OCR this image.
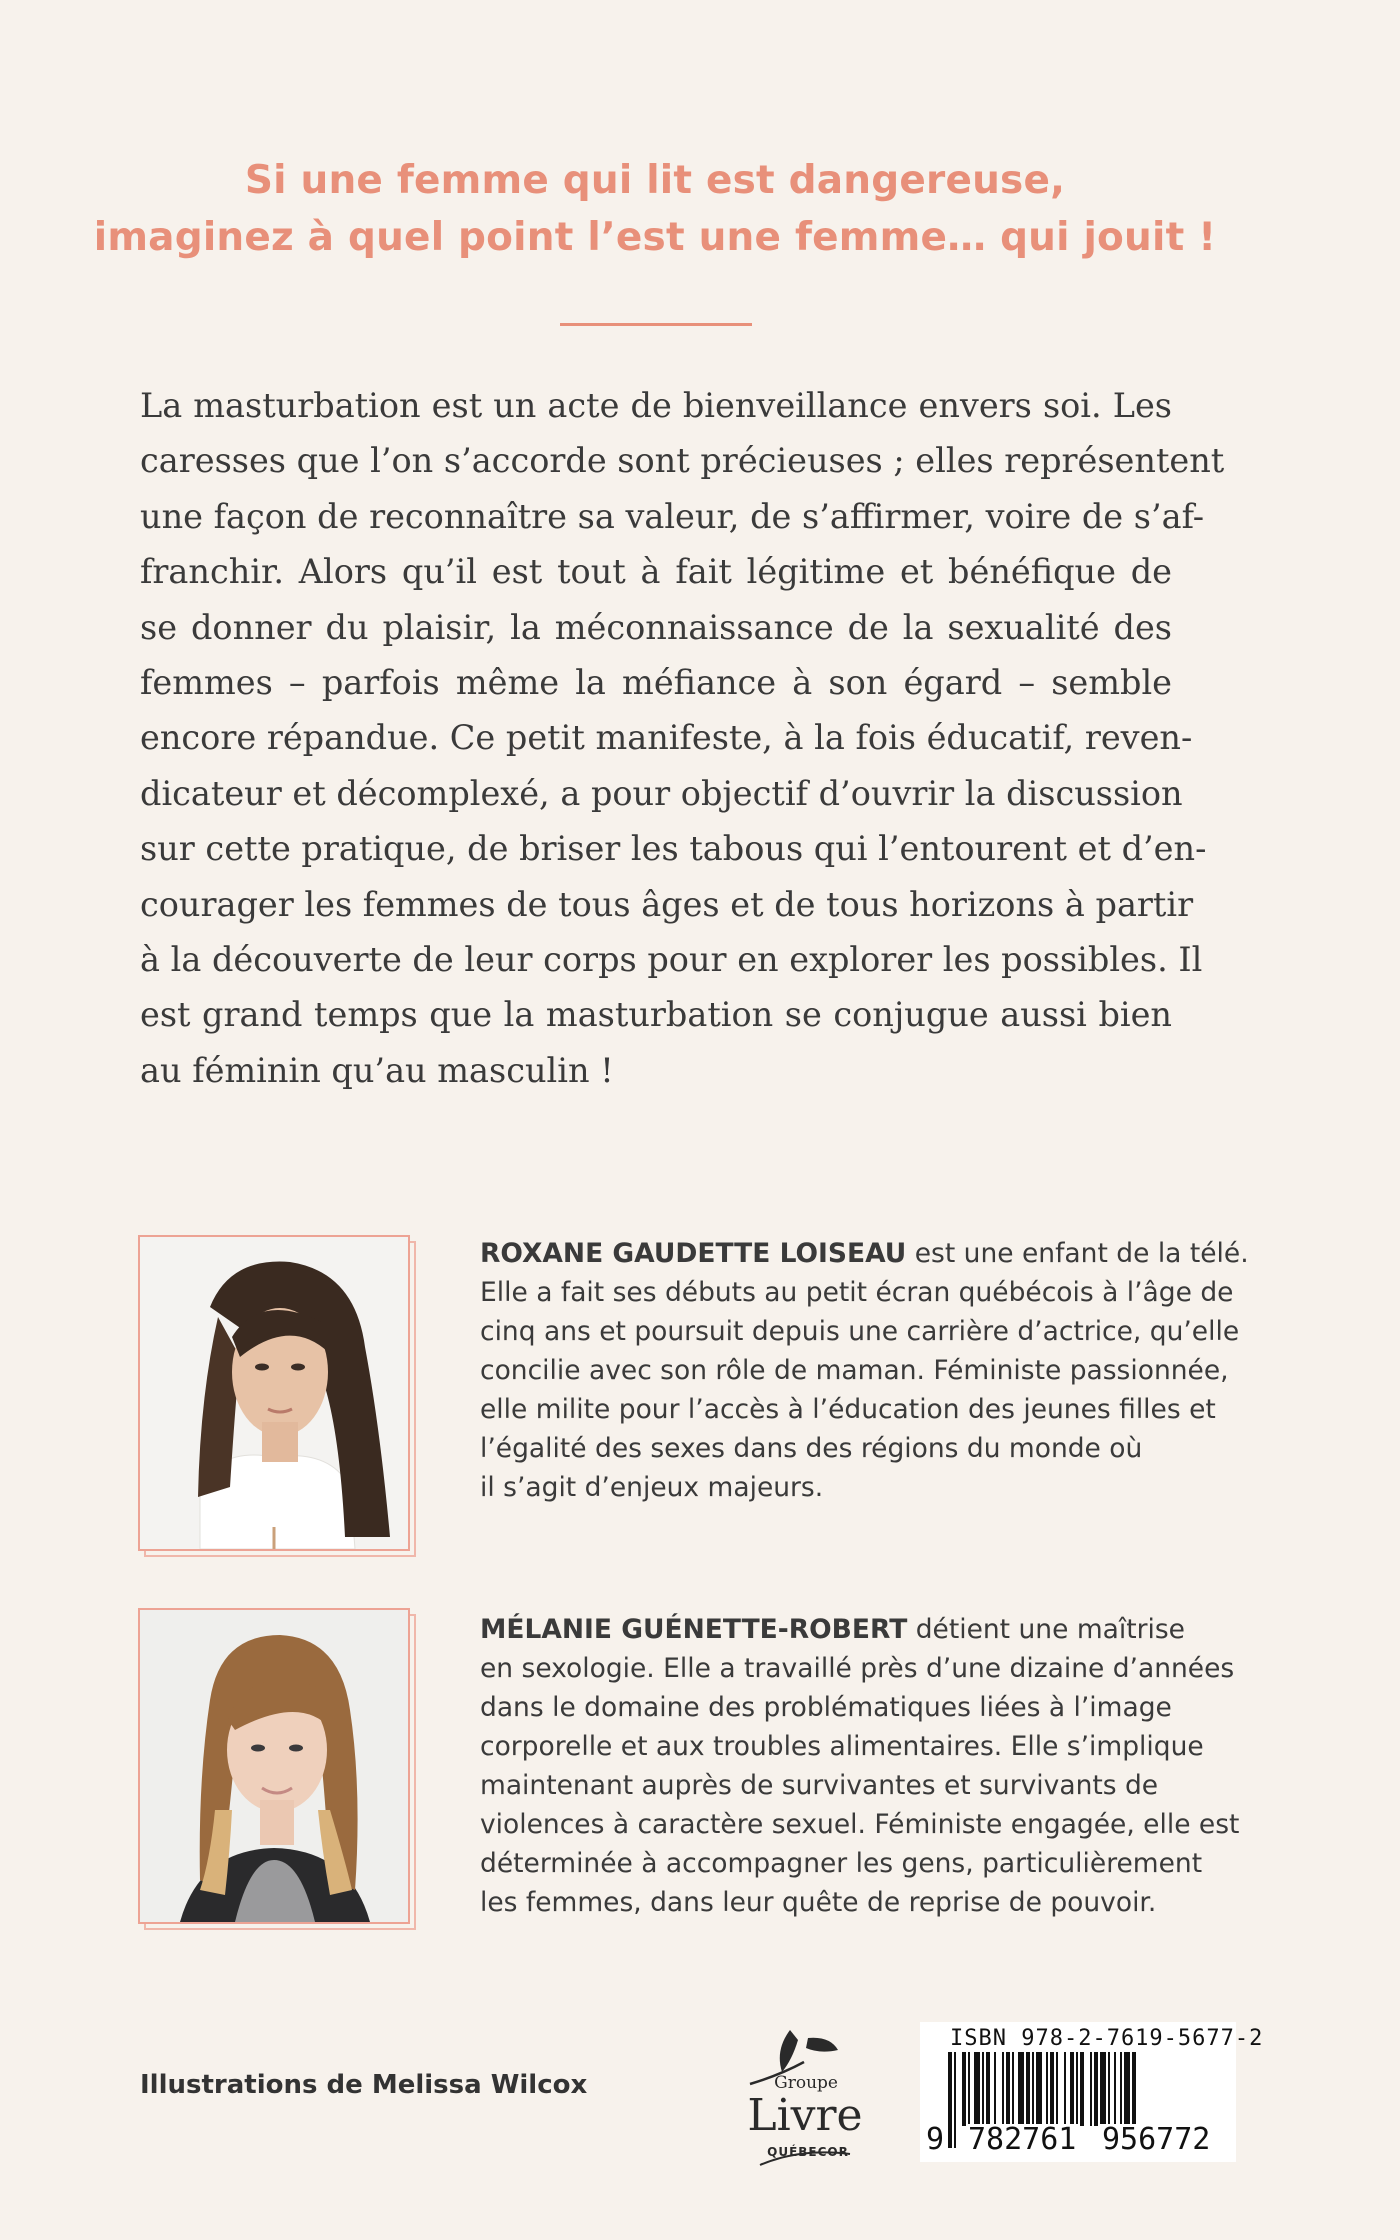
Si une femme qui lit est dangereuse,
imaginez à quel point l’est une femme… qui jouit !
La masturbation est un acte de bienveillance envers soi. Les
caresses que l’on s’accorde sont précieuses ; elles représentent
une façon de reconnaître sa valeur, de s’affirmer, voire de s’af-
franchir. Alors qu’il est tout à fait légitime et bénéfique de
se donner du plaisir, la méconnaissance de la sexualité des
femmes – parfois même la méfiance à son égard – semble
encore répandue. Ce petit manifeste, à la fois éducatif, reven-
dicateur et décomplexé, a pour objectif d’ouvrir la discussion
sur cette pratique, de briser les tabous qui l’entourent et d’en-
courager les femmes de tous âges et de tous horizons à partir
à la découverte de leur corps pour en explorer les possibles. Il
est grand temps que la masturbation se conjugue aussi bien
au féminin qu’au masculin !
ROXANE GAUDETTE LOISEAU est une enfant de la télé.
Elle a fait ses débuts au petit écran québécois à l’âge de
cinq ans et poursuit depuis une carrière d’actrice, qu’elle
concilie avec son rôle de maman. Féministe passionnée,
elle milite pour l’accès à l’éducation des jeunes filles et
l’égalité des sexes dans des régions du monde où
il s’agit d’enjeux majeurs.
MÉLANIE GUÉNETTE-ROBERT détient une maîtrise
en sexologie. Elle a travaillé près d’une dizaine d’années
dans le domaine des problématiques liées à l’image
corporelle et aux troubles alimentaires. Elle s’implique
maintenant auprès de survivantes et survivants de
violences à caractère sexuel. Féministe engagée, elle est
déterminée à accompagner les gens, particulièrement
les femmes, dans leur quête de reprise de pouvoir.
Illustrations de Melissa Wilcox	Groupe
Livre
QUÉBECOR
ISBN 978-2-7619-5677-2
9 782761 956772
